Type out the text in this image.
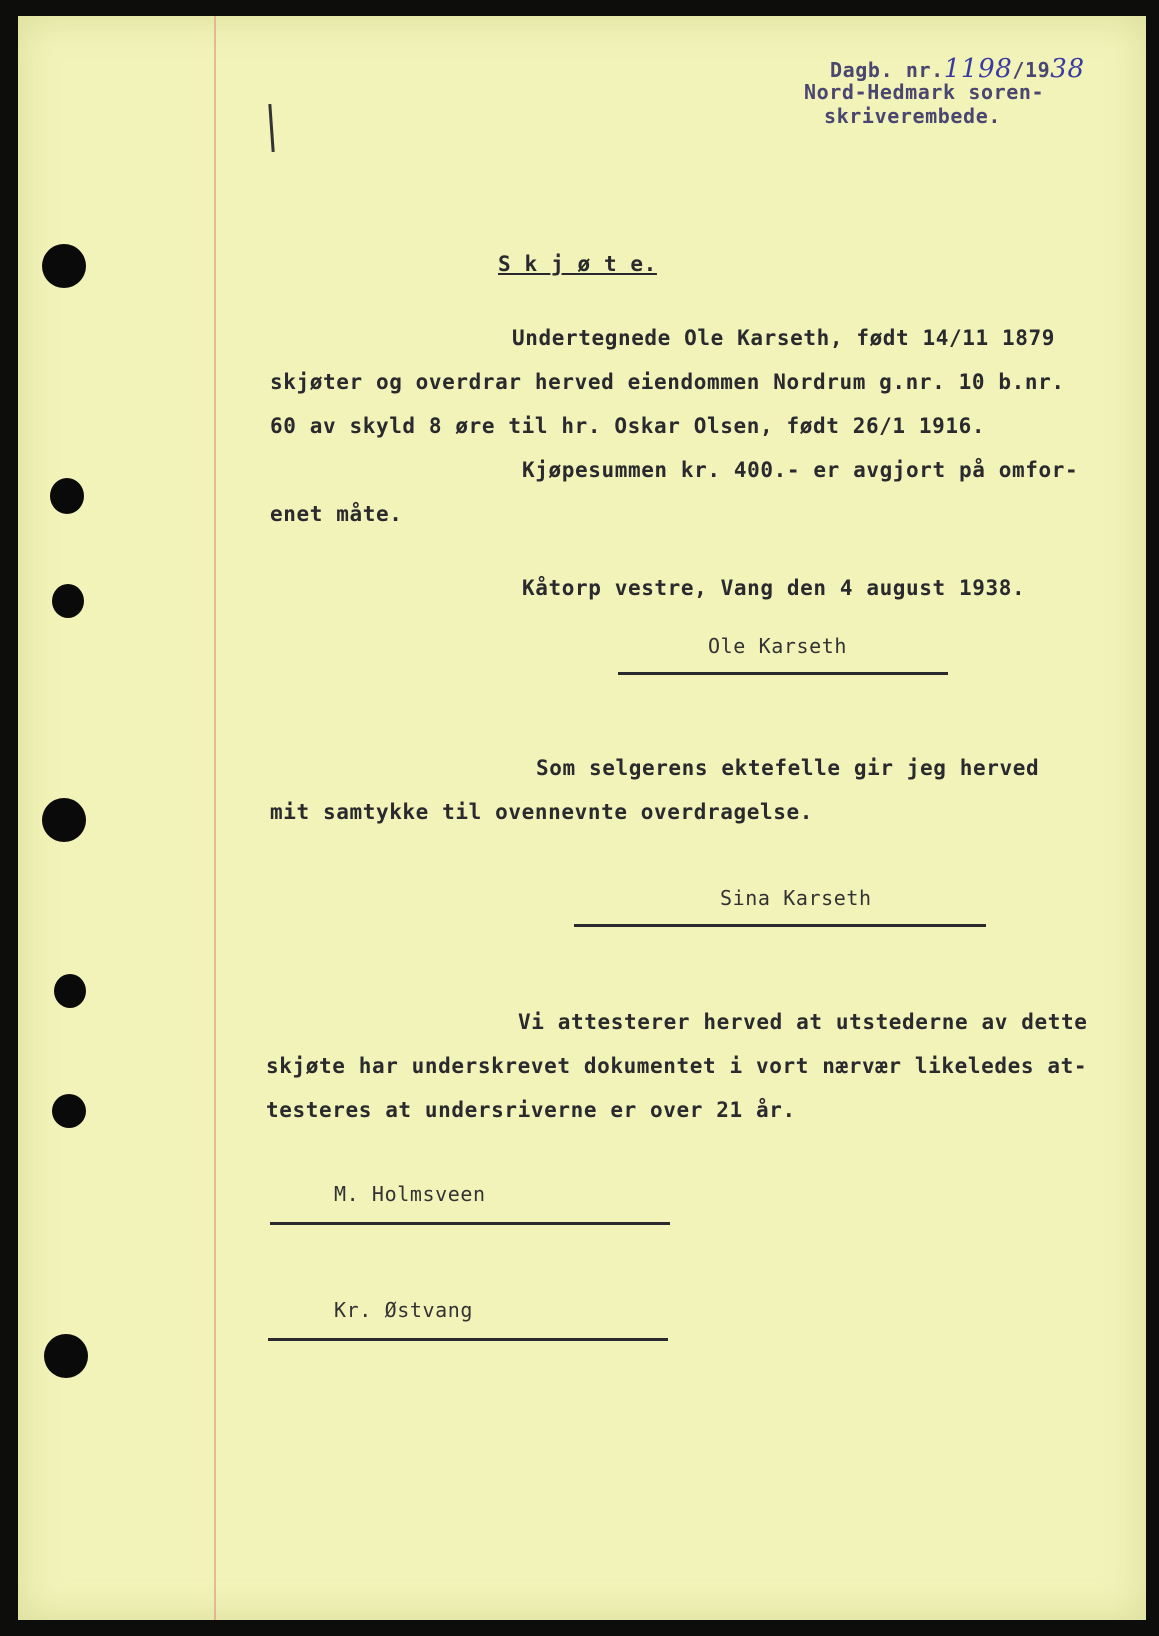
Dagb. nr.1198/1938
Nord-Hedmark soren-
skriverembede.
S k j ø t e.
Undertegnede Ole Karseth, født 14/11 1879
skjøter og overdrar herved eiendommen Nordrum g.nr. 10 b.nr.
60 av skyld 8 øre til hr. Oskar Olsen, født 26/1 1916.
Kjøpesummen kr. 400.- er avgjort på omfor-
enet måte.
Kåtorp vestre, Vang den 4 august 1938.
Ole Karseth
Som selgerens ektefelle gir jeg herved
mit samtykke til ovennevnte overdragelse.
Sina Karseth
Vi attesterer herved at utstederne av dette
skjøte har underskrevet dokumentet i vort nærvær likeledes at-
testeres at undersriverne er over 21 år.
M. Holmsveen
Kr. Østvang
